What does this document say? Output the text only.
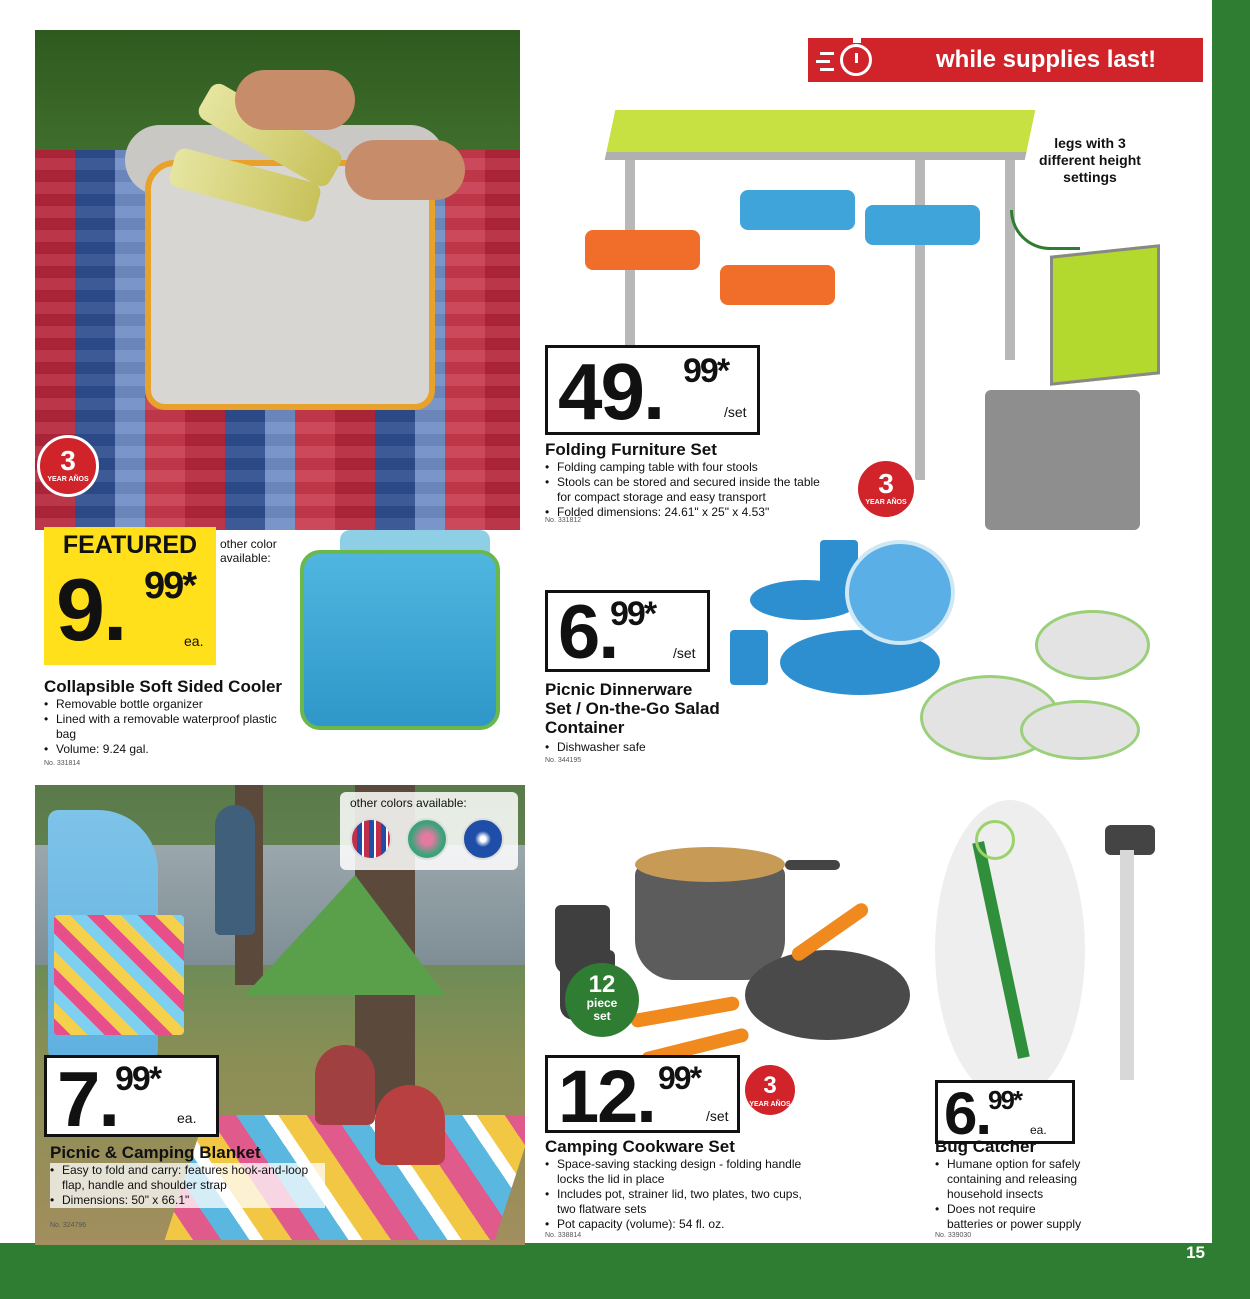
15
while supplies last!
3
YEAR AÑOS
legs with 3 different height settings
49. 99*
/set
Folding Furniture Set
• Folding camping table with four stools
• Stools can be stored and secured inside the table for compact storage and easy transport
• Folded dimensions: 24.61" x 25" x 4.53"
No. 331812
3
YEAR AÑOS
FEATURED
9. 99*
ea.
other color available:
Collapsible Soft Sided Cooler
• Removable bottle organizer
• Lined with a removable waterproof plastic bag
• Volume: 9.24 gal.
No. 331814
6.
99*
/set
Picnic Dinnerware
Set / On-the-Go Salad
Container
• Dishwasher safe
No. 344195
other colors available:
7.
99*
ea.
Picnic & Camping Blanket
• Easy to fold and carry: features hook-and-loop flap, handle and shoulder strap
• Dimensions: 50" x 66.1"
No. 324796
12
piece
set
12. 99*
/set
3
YEAR AÑOS
Camping Cookware Set
• Space-saving stacking design - folding handle locks the lid in place
• Includes pot, strainer lid, two plates, two cups, two flatware sets
• Pot capacity (volume): 54 fl. oz.
No. 338814
6.
99*
ea.
Bug Catcher
• Humane option for safely containing and releasing household insects
• Does not require batteries or power supply
No. 339030
